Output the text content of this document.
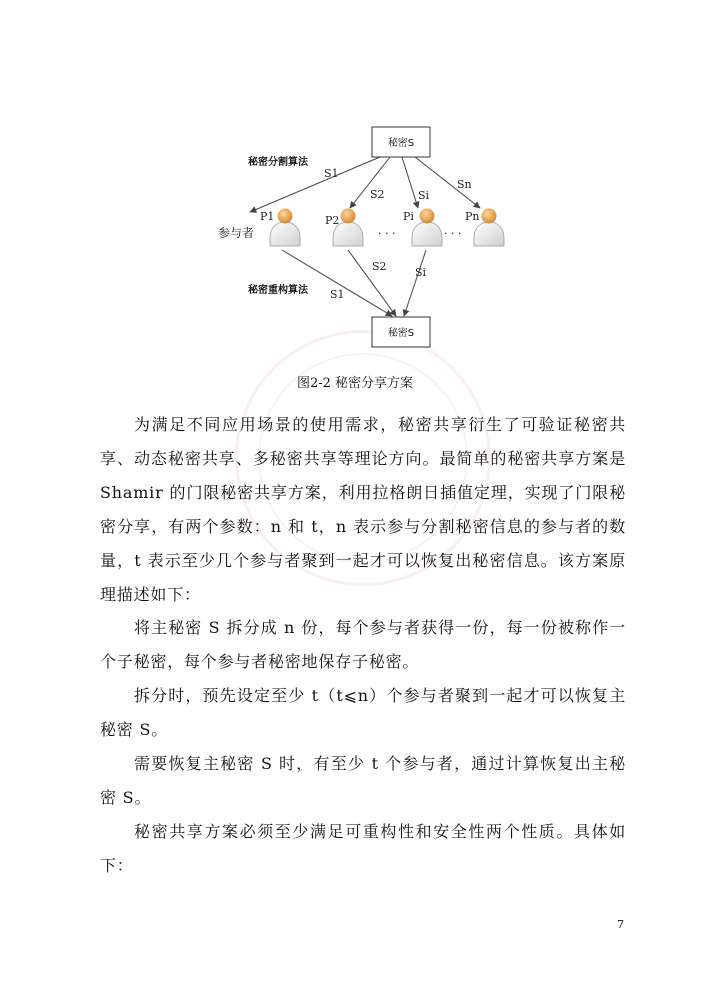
秘密S
秘密S
秘密分割算法
秘密重构算法
参与者
S1
S2	Si
Sn
P1	P2	Pi	Pn
· · ·	· · ·
S2	Si
S1
图2-2 秘密分享方案

为满足不同应用场景的使用需求，秘密共享衍生了可验证秘密共享、动态秘密共享、多秘密共享等理论方向。最简单的秘密共享方案是 Shamir 的门限秘密共享方案，利用拉格朗日插值定理，实现了门限秘密分享，有两个参数：n 和 t，n 表示参与分割秘密信息的参与者的数量，t 表示至少几个参与者聚到一起才可以恢复出秘密信息。该方案原理描述如下：

将主秘密 S 拆分成 n 份，每个参与者获得一份，每一份被称作一个子秘密，每个参与者秘密地保存子秘密。

拆分时，预先设定至少 t（t⩽n）个参与者聚到一起才可以恢复主秘密 S。

需要恢复主秘密 S 时，有至少 t 个参与者，通过计算恢复出主秘密 S。

秘密共享方案必须至少满足可重构性和安全性两个性质。具体如下：

7
